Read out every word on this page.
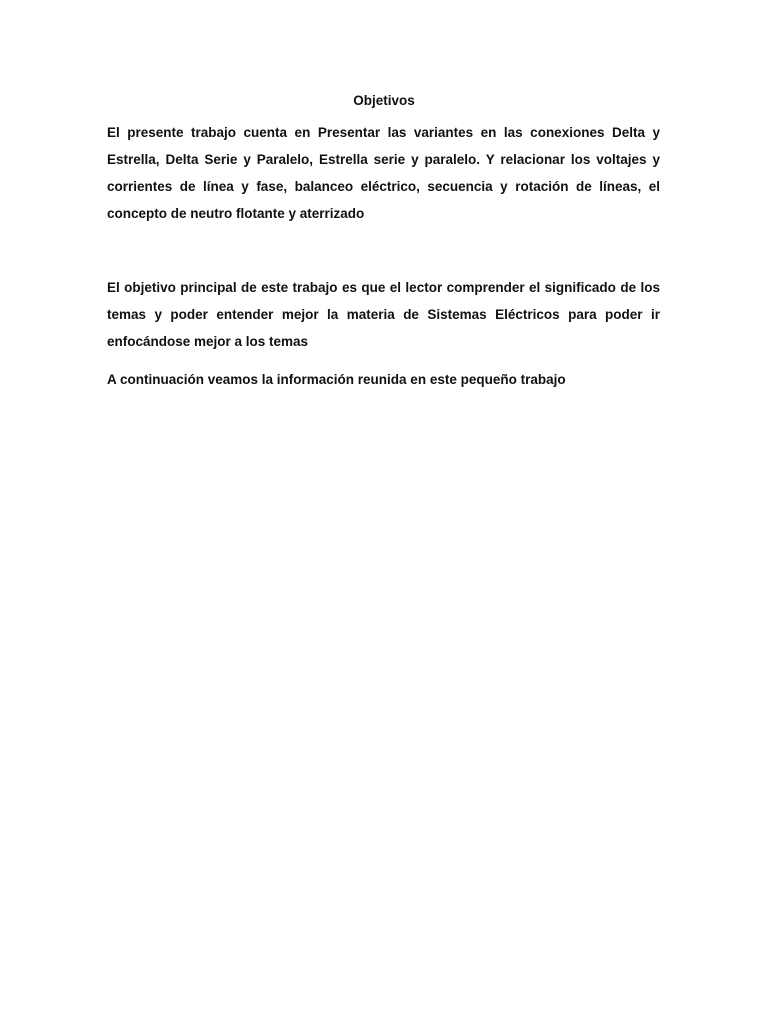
Objetivos

El presente trabajo cuenta en Presentar las variantes en las conexiones Delta y Estrella, Delta Serie y Paralelo, Estrella serie y paralelo. Y relacionar los voltajes y corrientes de línea y fase, balanceo eléctrico, secuencia y rotación de líneas, el concepto de neutro flotante y aterrizado

El objetivo principal de este trabajo es que el lector comprender el significado de los temas y poder entender mejor la materia de Sistemas Eléctricos para poder ir enfocándose mejor a los temas

A continuación veamos la información reunida en este pequeño trabajo
